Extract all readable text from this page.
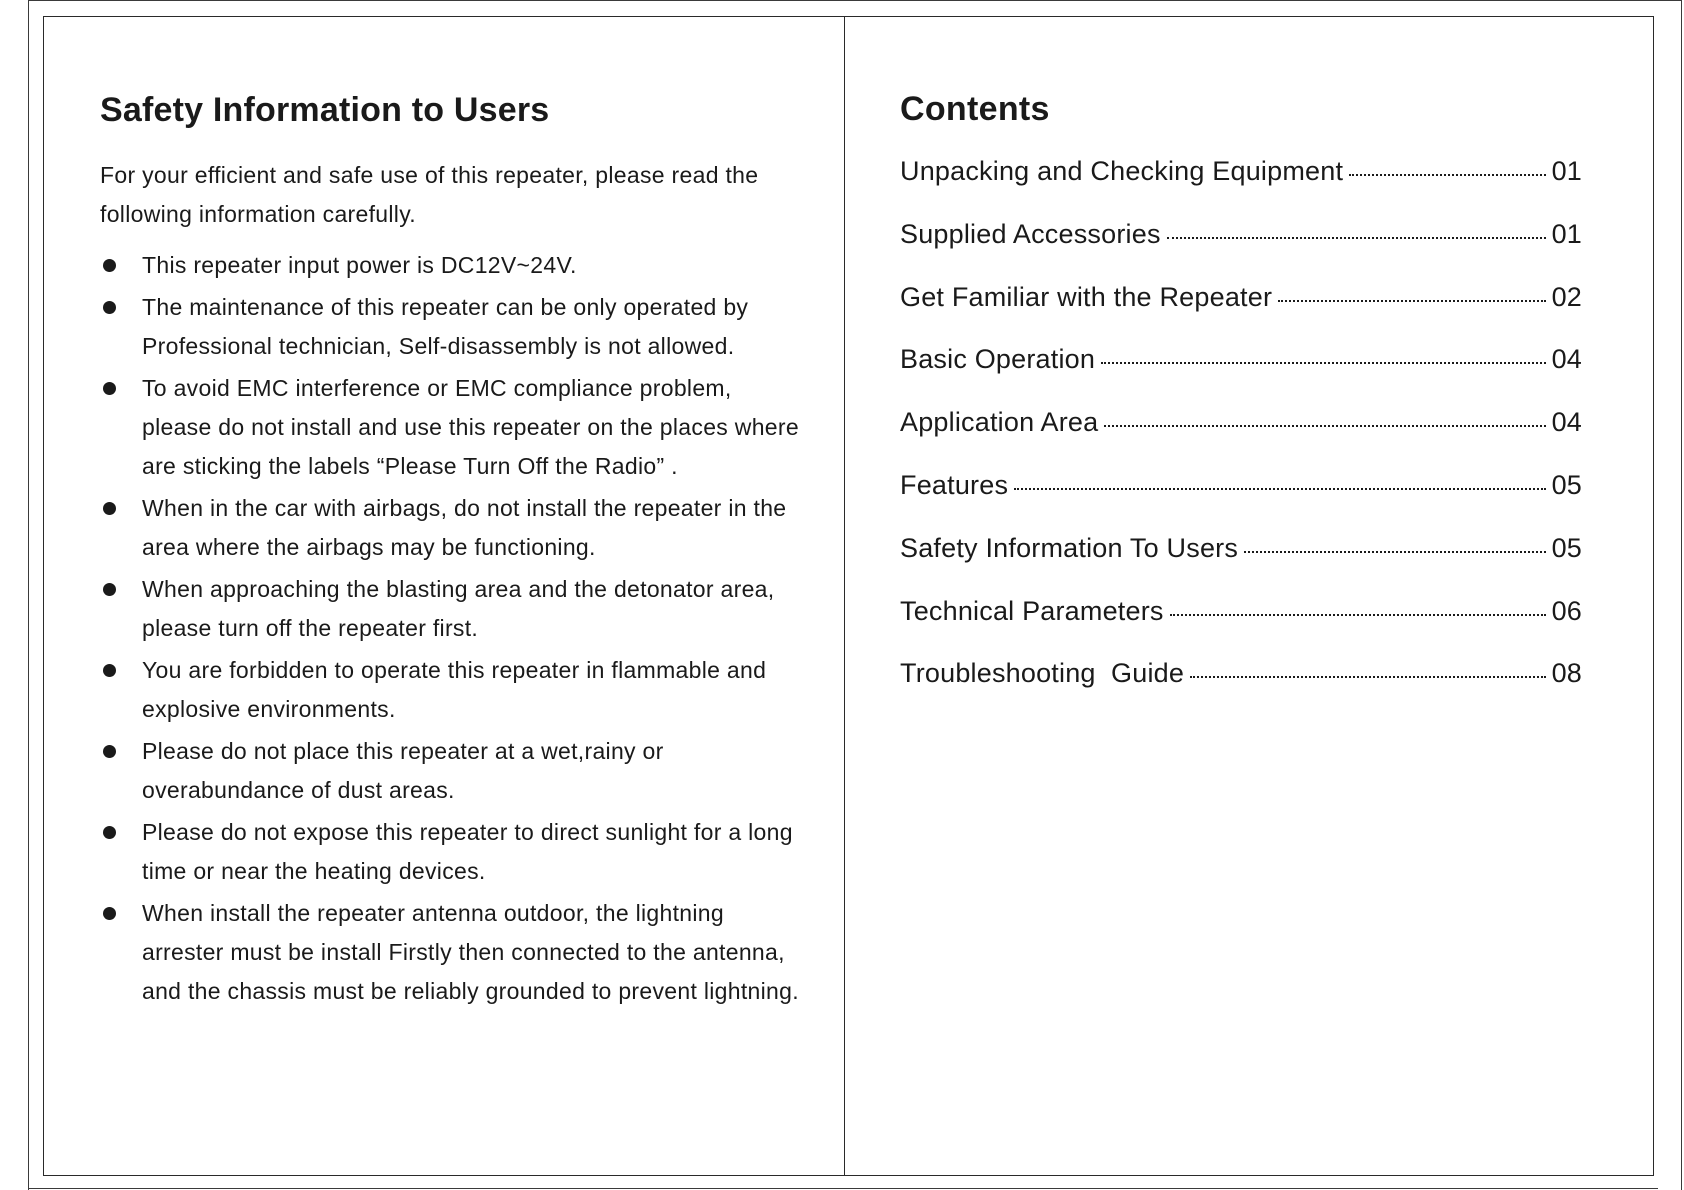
Safety Information to Users

For your efficient and safe use of this repeater, please read the following information carefully.

This repeater input power is DC12V~24V.
The maintenance of this repeater can be only operated by Professional technician, Self-disassembly is not allowed.
To avoid EMC interference or EMC compliance problem, please do not install and use this repeater on the places where are sticking the labels “Please Turn Off the Radio” .
When in the car with airbags, do not install the repeater in the area where the airbags may be functioning.
When approaching the blasting area and the detonator area, please turn off the repeater first.
You are forbidden to operate this repeater in flammable and explosive environments.
Please do not place this repeater at a wet,rainy or overabundance of dust areas.
Please do not expose this repeater to direct sunlight for a long time or near the heating devices.
When install the repeater antenna outdoor, the lightning arrester must be install Firstly then connected to the antenna, and the chassis must be reliably grounded to prevent lightning.
Contents
Unpacking and Checking Equipment	01
Supplied Accessories	01
Get Familiar with the Repeater	02
Basic Operation	04
Application Area	04
Features	05
Safety Information To Users	05
Technical Parameters	06
Troubleshooting  Guide	08
